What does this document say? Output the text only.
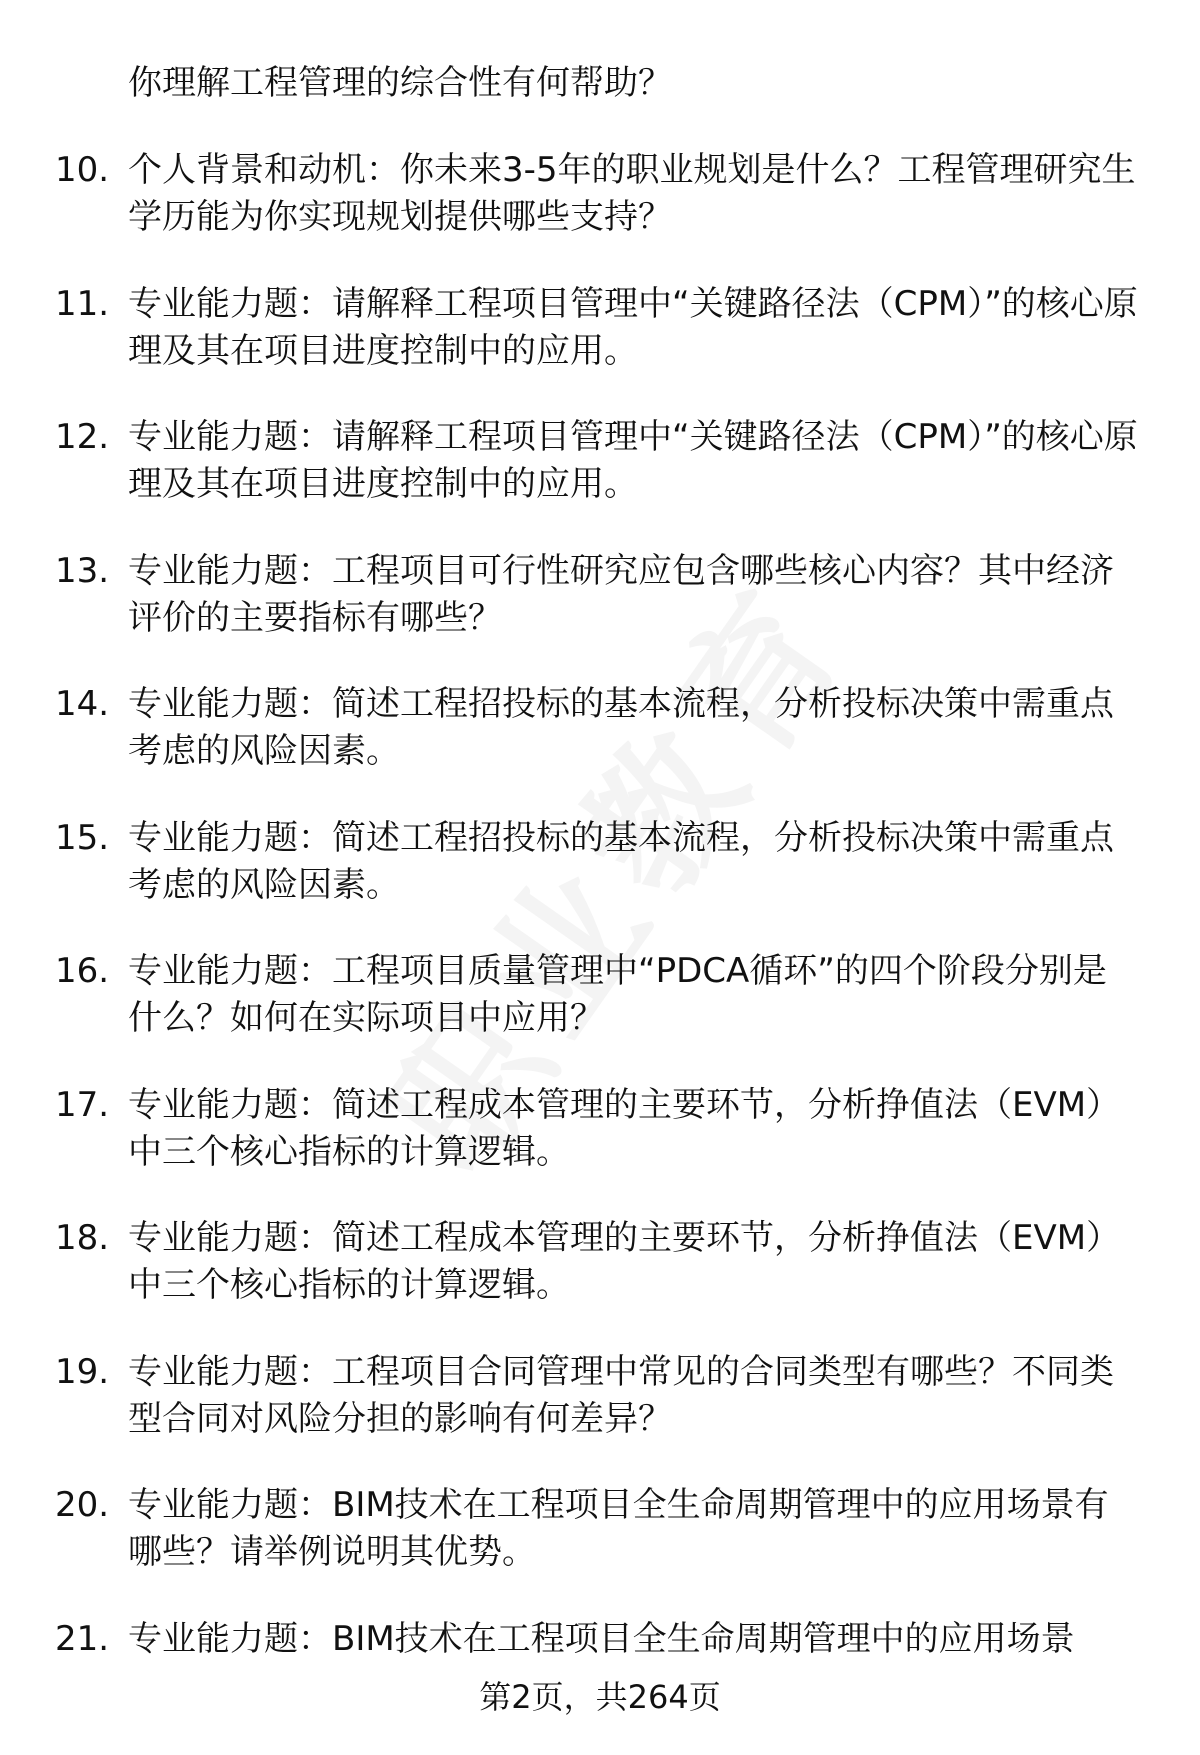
你理解工程管理的综合性有何帮助？
10. 个人背景和动机：你未来3-5年的职业规划是什么？工程管理研究生学历能为你实现规划提供哪些支持？
11. 专业能力题：请解释工程项目管理中“关键路径法（CPM）”的核心原理及其在项目进度控制中的应用。
12. 专业能力题：请解释工程项目管理中“关键路径法（CPM）”的核心原理及其在项目进度控制中的应用。
13. 专业能力题：工程项目可行性研究应包含哪些核心内容？其中经济评价的主要指标有哪些？
14. 专业能力题：简述工程招投标的基本流程，分析投标决策中需重点考虑的风险因素。
15. 专业能力题：简述工程招投标的基本流程，分析投标决策中需重点考虑的风险因素。
16. 专业能力题：工程项目质量管理中“PDCA循环”的四个阶段分别是什么？如何在实际项目中应用？
17. 专业能力题：简述工程成本管理的主要环节，分析挣值法（EVM）中三个核心指标的计算逻辑。
18. 专业能力题：简述工程成本管理的主要环节，分析挣值法（EVM）中三个核心指标的计算逻辑。
19. 专业能力题：工程项目合同管理中常见的合同类型有哪些？不同类型合同对风险分担的影响有何差异？
20. 专业能力题：BIM技术在工程项目全生命周期管理中的应用场景有哪些？请举例说明其优势。
21. 专业能力题：BIM技术在工程项目全生命周期管理中的应用场景
第2页，共264页
